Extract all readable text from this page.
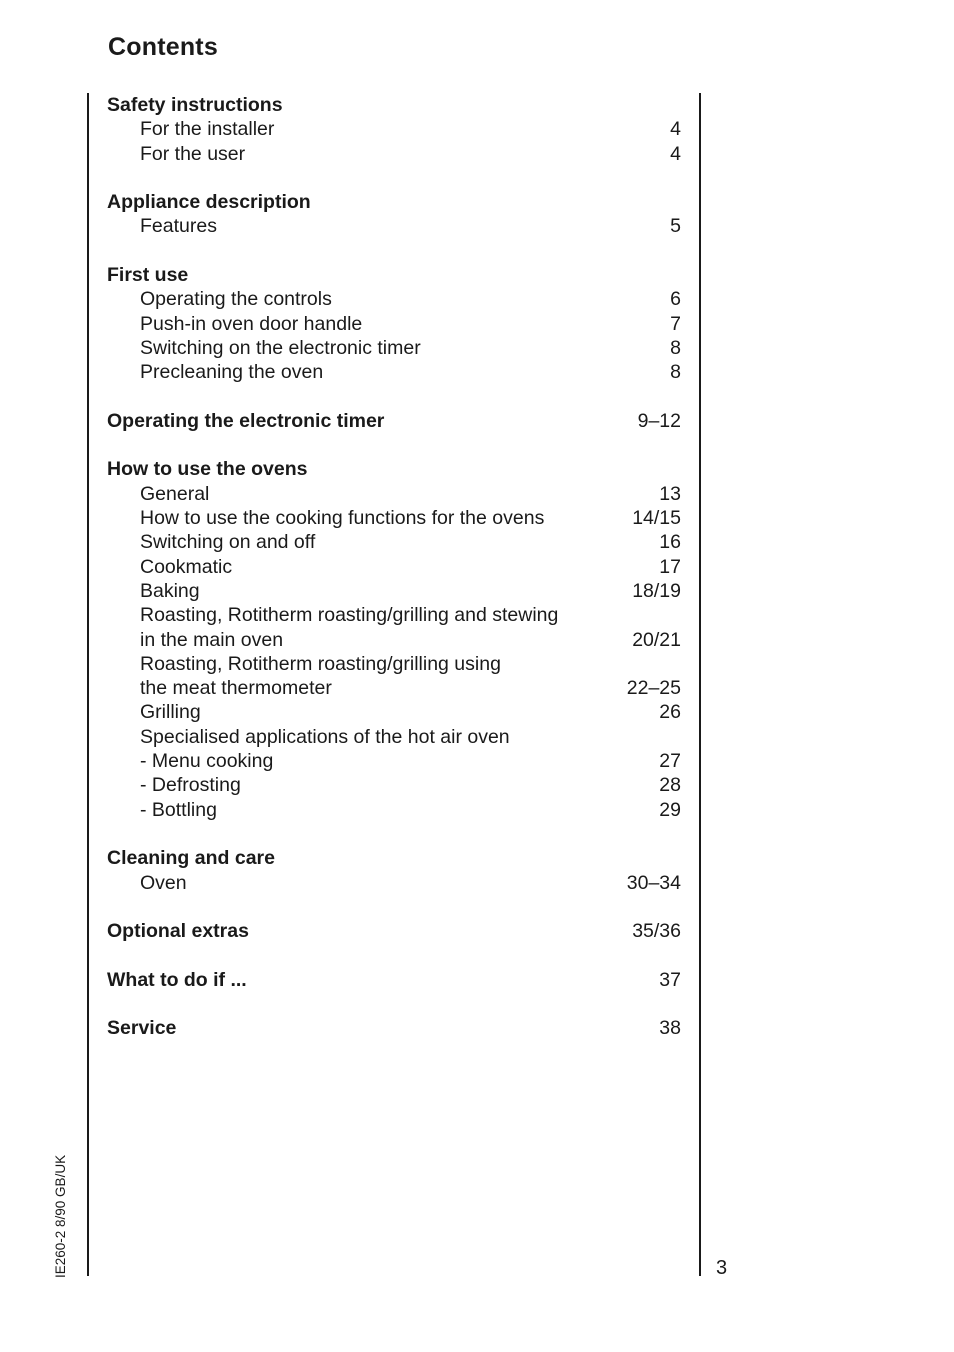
Contents
Safety instructions
For the installer	4
For the user	4
Appliance description
Features	5
First use
Operating the controls	6
Push-in oven door handle	7
Switching on the electronic timer	8
Precleaning the oven	8
Operating the electronic timer	9–12
How to use the ovens
General	13
How to use the cooking functions for the ovens	14/15
Switching on and off	16
Cookmatic	17
Baking	18/19
Roasting, Rotitherm roasting/grilling and stewing
in the main oven	20/21
Roasting, Rotitherm roasting/grilling using
the meat thermometer	22–25
Grilling	26
Specialised applications of the hot air oven
- Menu cooking	27
- Defrosting	28
- Bottling	29
Cleaning and care
Oven	30–34
Optional extras	35/36
What to do if ...	37
Service	38
3
IE260-2 8/90 GB/UK
